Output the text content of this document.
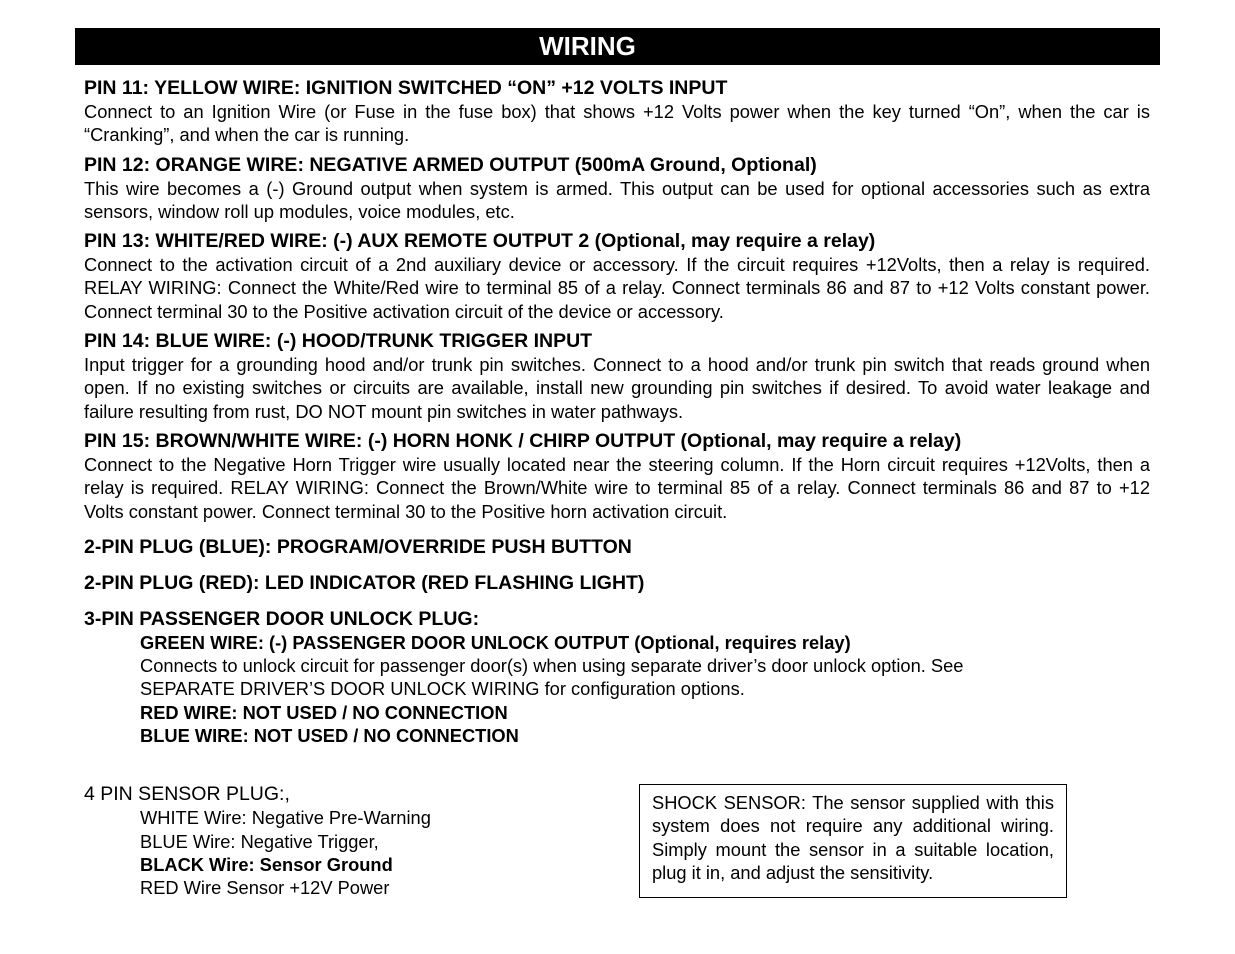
WIRING
PIN 11: YELLOW WIRE: IGNITION SWITCHED “ON” +12 VOLTS INPUT
Connect to an Ignition Wire (or Fuse in the fuse box) that shows +12 Volts power when the key turned “On”, when the car is “Cranking”, and when the car is running.
PIN 12: ORANGE WIRE: NEGATIVE ARMED OUTPUT (500mA Ground, Optional)
This wire becomes a (-) Ground output when system is armed. This output can be used for optional accessories such as extra sensors, window roll up modules, voice modules, etc.
PIN 13: WHITE/RED WIRE: (-) AUX REMOTE OUTPUT 2 (Optional, may require a relay)
Connect to the activation circuit of a 2nd auxiliary device or accessory. If the circuit requires +12Volts, then a relay is required. RELAY WIRING: Connect the White/Red wire to terminal 85 of a relay. Connect terminals 86 and 87 to +12 Volts constant power. Connect terminal 30 to the Positive activation circuit of the device or accessory.
PIN 14: BLUE WIRE: (-) HOOD/TRUNK TRIGGER INPUT
Input trigger for a grounding hood and/or trunk pin switches. Connect to a hood and/or trunk pin switch that reads ground when open. If no existing switches or circuits are available, install new grounding pin switches if desired. To avoid water leakage and failure resulting from rust, DO NOT mount pin switches in water pathways.
PIN 15: BROWN/WHITE WIRE: (-) HORN HONK / CHIRP OUTPUT (Optional, may require a relay)
Connect to the Negative Horn Trigger wire usually located near the steering column. If the Horn circuit requires +12Volts, then a relay is required. RELAY WIRING: Connect the Brown/White wire to terminal 85 of a relay. Connect terminals 86 and 87 to +12 Volts constant power. Connect terminal 30 to the Positive horn activation circuit.
2-PIN PLUG (BLUE): PROGRAM/OVERRIDE PUSH BUTTON
2-PIN PLUG (RED): LED INDICATOR (RED FLASHING LIGHT)
3-PIN PASSENGER DOOR UNLOCK PLUG:
GREEN WIRE: (-) PASSENGER DOOR UNLOCK OUTPUT (Optional, requires relay)
Connects to unlock circuit for passenger door(s) when using separate driver’s door unlock option. See
SEPARATE DRIVER’S DOOR UNLOCK WIRING for configuration options.
RED WIRE: NOT USED / NO CONNECTION
BLUE WIRE: NOT USED / NO CONNECTION
4 PIN SENSOR PLUG:,
WHITE Wire: Negative Pre-Warning
BLUE Wire: Negative Trigger,
BLACK Wire: Sensor Ground
RED Wire Sensor +12V Power
SHOCK SENSOR: The sensor supplied with this system does not require any additional wiring. Simply mount the sensor in a suitable location, plug it in, and adjust the sensitivity.
